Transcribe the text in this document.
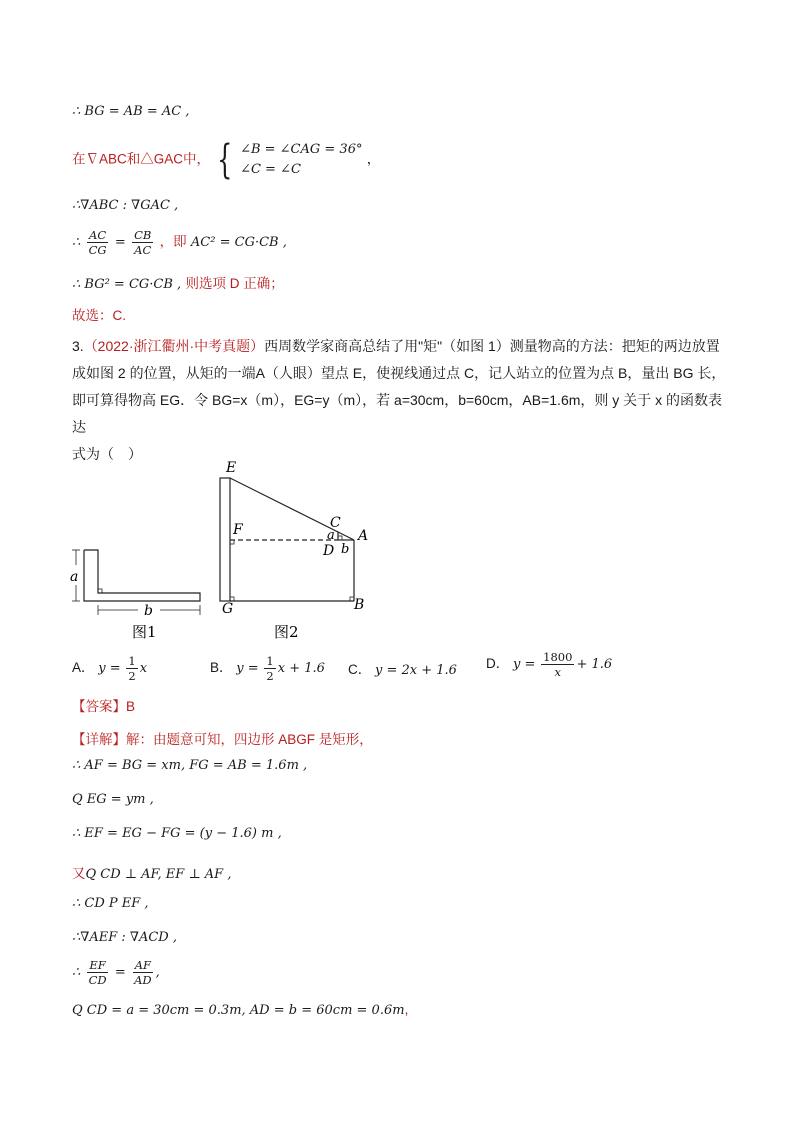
∴ BG = AB = AC ,
在∇ABC和△GAC中， { ∠B = ∠CAG = 36°
∠C = ∠C
，
∴∇ABC : ∇GAC ,
∴ $\frac{AC}{CG} = \frac{CB}{AC}$ ，即 AC² = CG·CB ,
∴ BG² = CG·CB , 则选项 D 正确；
故选：C.
3.（2022·浙江衢州·中考真题）西周数学家商高总结了用"矩"（如图 1）测量物高的方法：把矩的两边放置
成如图 2 的位置，从矩的一端A（人眼）望点 E，使视线通过点 C，记人站立的位置为点 B，量出 BG 长，
即可算得物高 EG．令 BG=x（m），EG=y（m），若 a=30cm，b=60cm，AB=1.6m，则 y 关于 x 的函数表达
式为（　）
a
b
图1
E
F
G
C
A
D
B
a
b
图2
A． $y = \frac{1}{2}$ x	B． $y = \frac{1}{2}$ x + 1.6 C． y = 2x + 1.6 D． $y = \frac{1800}{x} + 1.6$
【答案】B
【详解】解：由题意可知，四边形 ABGF 是矩形，
∴ AF = BG = xm, FG = AB = 1.6m ,
Q EG = ym ,
∴ EF = EG − FG = (y − 1.6) m ,
又Q CD ⊥ AF, EF ⊥ AF ,
∴ CD P EF ,
∴∇AEF : ∇ACD ,
∴ $\frac{EF}{CD} = \frac{AF}{AD}$ ,
Q CD = a = 30cm = 0.3m, AD = b = 60cm = 0.6m,
